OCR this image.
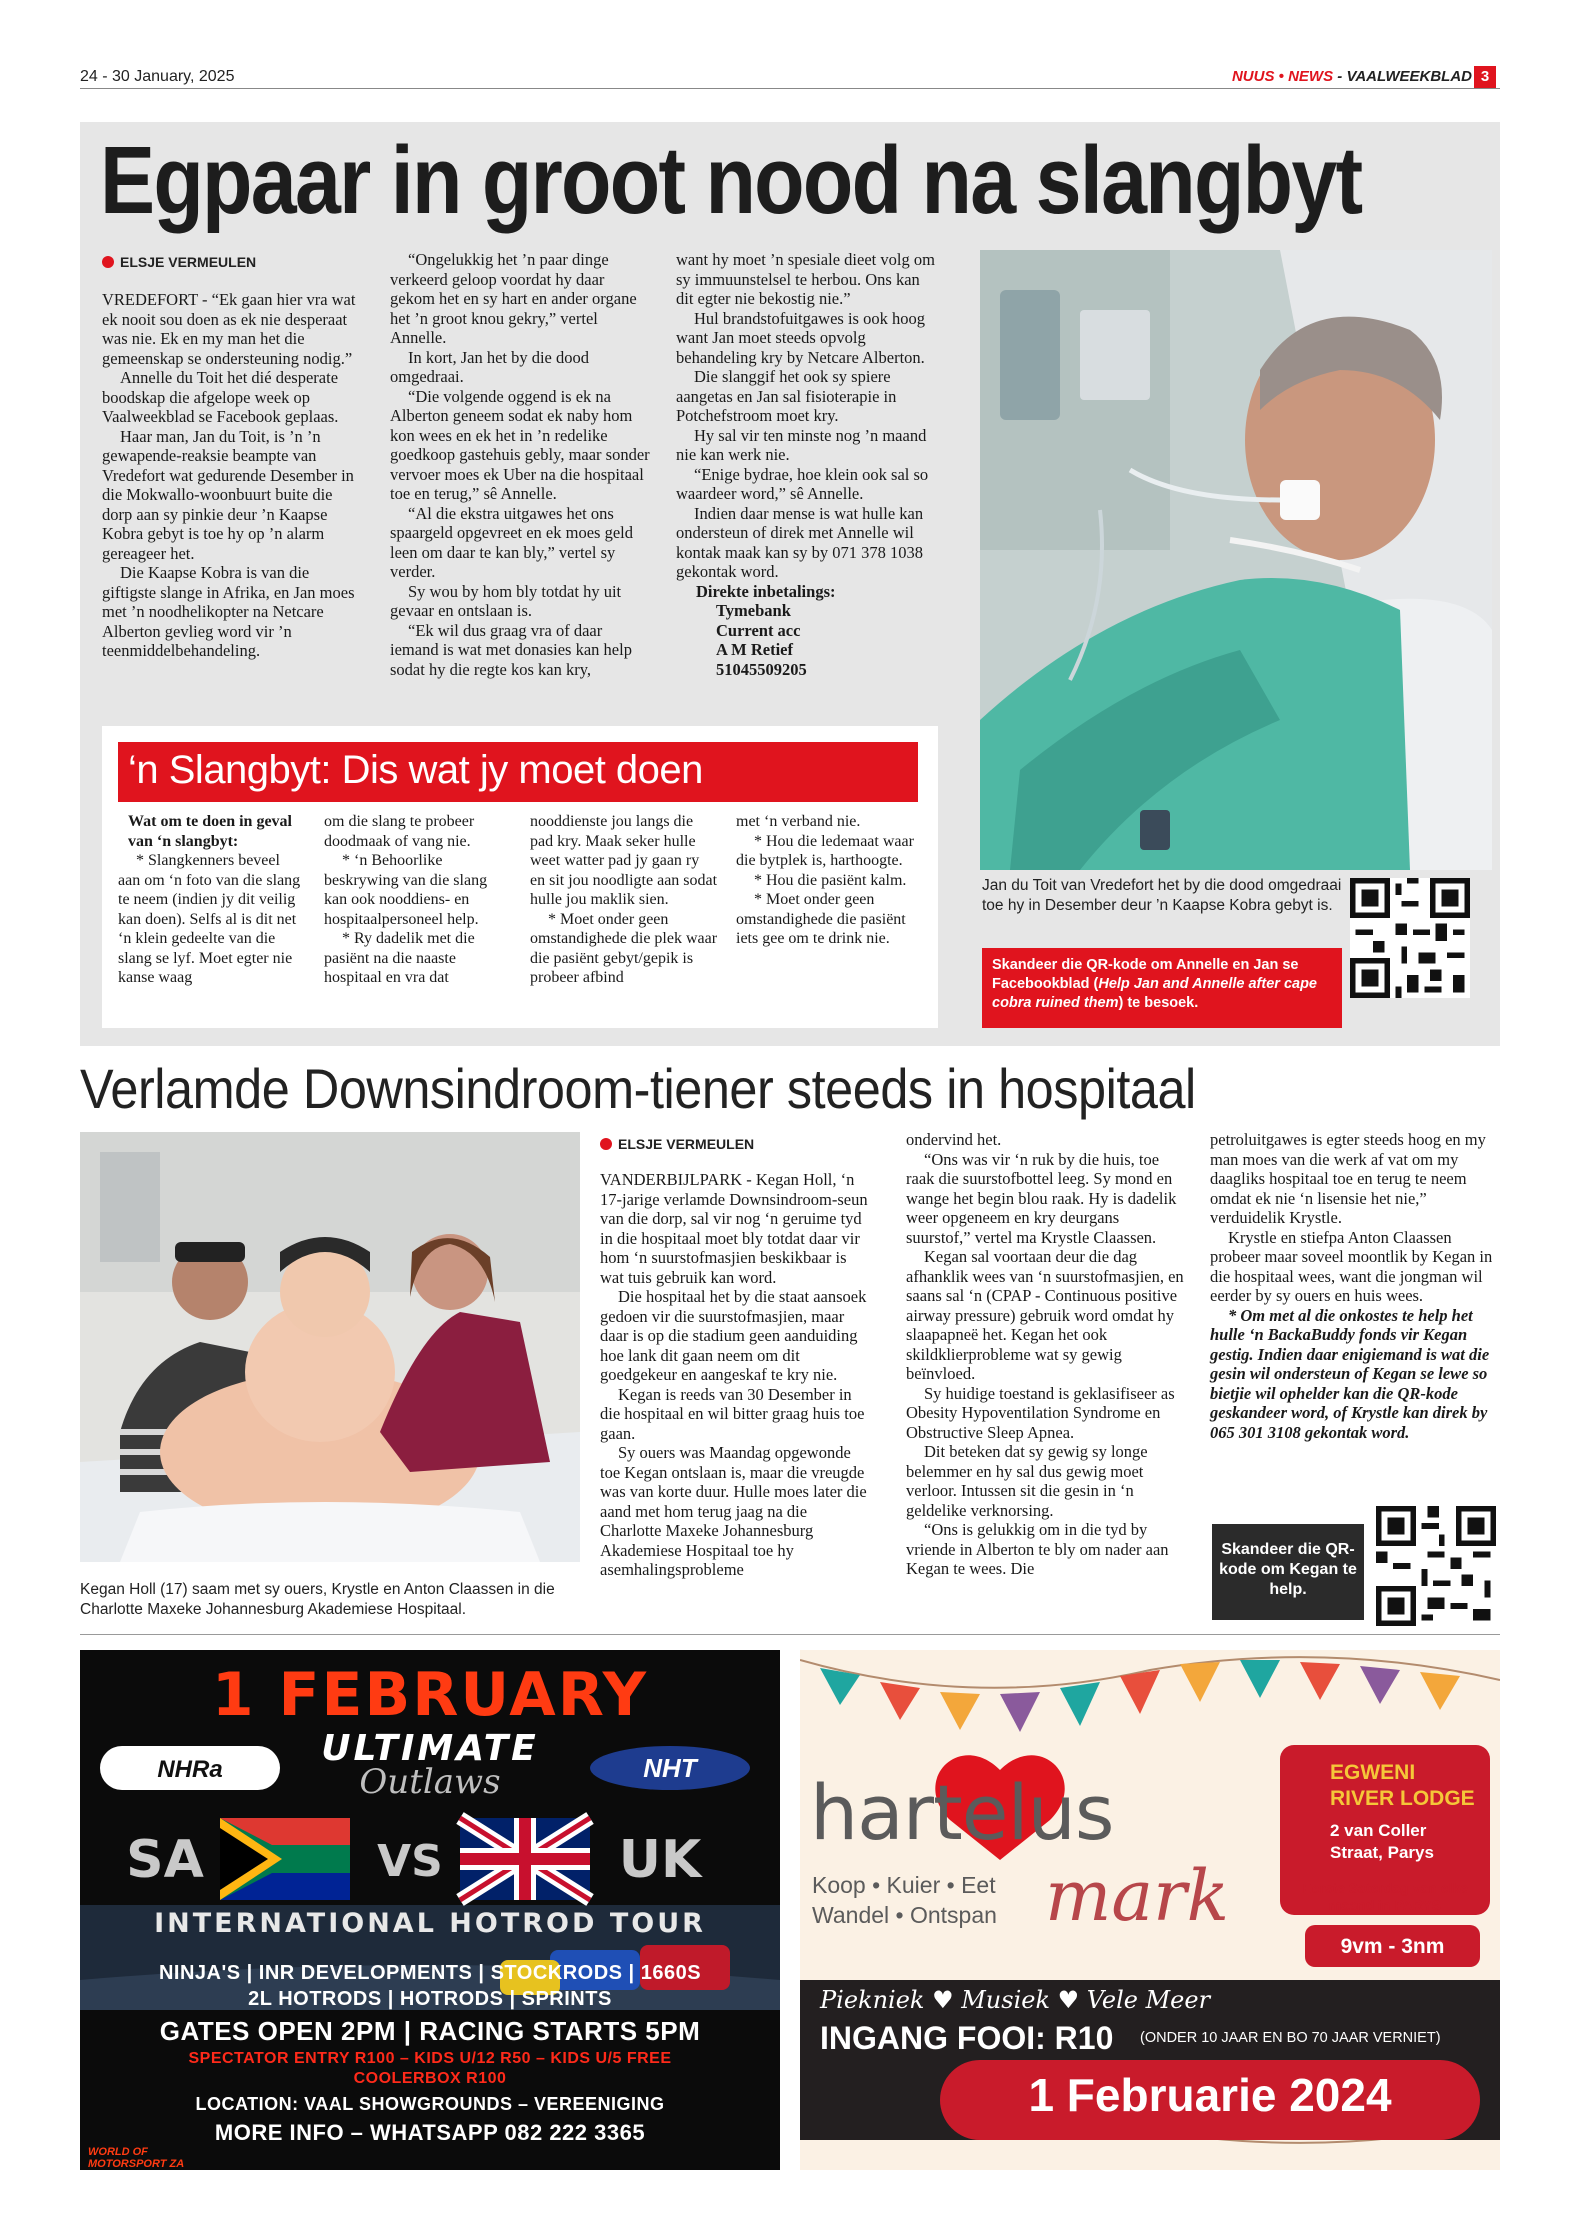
24 - 30 January, 2025	NUUS • NEWS - VAALWEEKBLAD 3
Egpaar in groot nood na slangbyt
ELSJE VERMEULEN

VREDEFORT - “Ek gaan hier vra wat ek nooit sou doen as ek nie desperaat was nie. Ek en my man het die gemeenskap se ondersteuning nodig.”

Annelle du Toit het dié desperate boodskap die afgelope week op Vaalweekblad se Facebook geplaas.

Haar man, Jan du Toit, is ’n ’n gewapende-reaksie beampte van Vredefort wat gedurende Desember in die Mokwallo-woonbuurt buite die dorp aan sy pinkie deur ’n Kaapse Kobra gebyt is toe hy op ’n alarm gereageer het.

Die Kaapse Kobra is van die giftigste slange in Afrika, en Jan moes met ’n noodhelikopter na Netcare Alberton gevlieg word vir ’n teenmiddelbehandeling.

“Ongelukkig het ’n paar dinge verkeerd geloop voordat hy daar gekom het en sy hart en ander organe het ’n groot knou gekry,” vertel Annelle.

In kort, Jan het by die dood omgedraai.

“Die volgende oggend is ek na Alberton geneem sodat ek naby hom kon wees en ek het in ’n redelike goedkoop gastehuis gebly, maar sonder vervoer moes ek Uber na die hospitaal toe en terug,” sê Annelle.

“Al die ekstra uitgawes het ons spaargeld opgevreet en ek moes geld leen om daar te kan bly,” vertel sy verder.

Sy wou by hom bly totdat hy uit gevaar en ontslaan is.

“Ek wil dus graag vra of daar iemand is wat met donasies kan help sodat hy die regte kos kan kry,

want hy moet ’n spesiale dieet volg om sy immuunstelsel te herbou. Ons kan dit egter nie bekostig nie.”

Hul brandstofuitgawes is ook hoog want Jan moet steeds opvolg behandeling kry by Netcare Alberton.

Die slanggif het ook sy spiere aangetas en Jan sal fisioterapie in Potchefstroom moet kry.

Hy sal vir ten minste nog ’n maand nie kan werk nie.

“Enige bydrae, hoe klein ook sal so waardeer word,” sê Annelle.

Indien daar mense is wat hulle kan ondersteun of direk met Annelle wil kontak maak kan sy by 071 378 1038 gekontak word.

Direkte inbetalings:

Tymebank

Current acc

A M Retief

51045509205

Jan du Toit van Vredefort het by die dood omgedraai toe hy in Desember deur ’n Kaapse Kobra gebyt is.
Skandeer die QR-kode om Annelle en Jan se Facebookblad (Help Jan and Annelle after cape cobra ruined them) te besoek.
‘n Slangbyt: Dis wat jy moet doen

Wat om te doen in geval van ‘n slangbyt:

* Slangkenners beveel aan om ‘n foto van die slang te neem (indien jy dit veilig kan doen). Selfs al is dit net ‘n klein gedeelte van die slang se lyf. Moet egter nie kanse waag

om die slang te probeer doodmaak of vang nie.

* ‘n Behoorlike beskrywing van die slang kan ook nooddiens- en hospitaalpersoneel help.

* Ry dadelik met die pasiënt na die naaste hospitaal en vra dat

nooddienste jou langs die pad kry. Maak seker hulle weet watter pad jy gaan ry en sit jou noodligte aan sodat hulle jou maklik sien.

* Moet onder geen omstandighede die plek waar die pasiënt gebyt/gepik is probeer afbind

met ‘n verband nie.

* Hou die ledemaat waar die bytplek is, harthoogte.

* Hou die pasiënt kalm.

* Moet onder geen omstandighede die pasiënt iets gee om te drink nie.

Verlamde Downsindroom-tiener steeds in hospitaal
Kegan Holl (17) saam met sy ouers, Krystle en Anton Claassen in die Charlotte Maxeke Johannesburg Akademiese Hospitaal.
ELSJE VERMEULEN

VANDERBIJLPARK - Kegan Holl, ‘n 17-jarige verlamde Downsindroom-seun van die dorp, sal vir nog ‘n geruime tyd in die hospitaal moet bly totdat daar vir hom ‘n suurstofmasjien beskikbaar is wat tuis gebruik kan word.

Die hospitaal het by die staat aansoek gedoen vir die suurstofmasjien, maar daar is op die stadium geen aanduiding hoe lank dit gaan neem om dit goedgekeur en aangeskaf te kry nie.

Kegan is reeds van 30 Desember in die hospitaal en wil bitter graag huis toe gaan.

Sy ouers was Maandag opgewonde toe Kegan ontslaan is, maar die vreugde was van korte duur. Hulle moes later die aand met hom terug jaag na die Charlotte Maxeke Johannesburg Akademiese Hospitaal toe hy asemhalingsprobleme

ondervind het.

“Ons was vir ‘n ruk by die huis, toe raak die suurstofbottel leeg. Sy mond en wange het begin blou raak. Hy is dadelik weer opgeneem en kry deurgans suurstof,” vertel ma Krystle Claassen.

Kegan sal voortaan deur die dag afhanklik wees van ‘n suurstofmasjien, en saans sal ‘n (CPAP - Continuous positive airway pressure) gebruik word omdat hy slaapapneë het. Kegan het ook skildklierprobleme wat sy gewig beïnvloed.

Sy huidige toestand is geklasifiseer as Obesity Hypoventilation Syndrome en Obstructive Sleep Apnea.

Dit beteken dat sy gewig sy longe belemmer en hy sal dus gewig moet verloor. Intussen sit die gesin in ‘n geldelike verknorsing.

“Ons is gelukkig om in die tyd by vriende in Alberton te bly om nader aan Kegan te wees. Die

petroluitgawes is egter steeds hoog en my man moes van die werk af vat om my daagliks hospitaal toe en terug te neem omdat ek nie ‘n lisensie het nie,” verduidelik Krystle.

Krystle en stiefpa Anton Claassen probeer maar soveel moontlik by Kegan in die hospitaal wees, want die jongman wil eerder by sy ouers en huis wees.

* Om met al die onkostes te help het hulle ‘n BackaBuddy fonds vir Kegan gestig. Indien daar enigiemand is wat die gesin wil ondersteun of Kegan se lewe so bietjie wil ophelder kan die QR-kode geskandeer word, of Krystle kan direk by 065 301 3108 gekontak word.

Skandeer die QR-kode om Kegan te help.
1 FEBRUARY
ULTIMATE
Outlaws
NHRa	NHT
SA	VS	UK
INTERNATIONAL HOTROD TOUR
NINJA'S | INR DEVELOPMENTS | STOCKRODS | 1660S
2L HOTRODS | HOTRODS | SPRINTS
GATES OPEN 2PM | RACING STARTS 5PM
SPECTATOR ENTRY R100 – KIDS U/12 R50 – KIDS U/5 FREE
COOLERBOX R100
LOCATION: VAAL SHOWGROUNDS – VEREENIGING
MORE INFO – WHATSAPP 082 222 3365
WORLD OF MOTORSPORT ZA
hartelus
mark
Koop • Kuier • Eet
Wandel • Ontspan
EGWENI RIVER LODGE
2 van Coller Straat, Parys
Eerste Saterdag van elke maand in PARYS
9vm - 3nm
Piekniek ♥ Musiek ♥ Vele Meer
INGANG FOOI: R10	(ONDER 10 JAAR EN BO 70 JAAR VERNIET)
1 Februarie 2024
